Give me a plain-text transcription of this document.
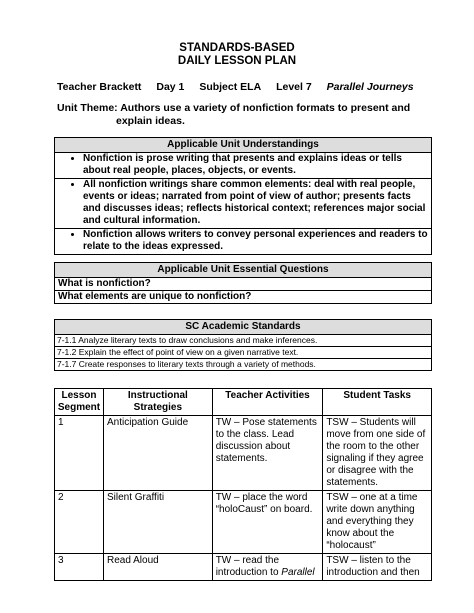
STANDARDS-BASED
DAILY LESSON PLAN
Teacher Brackett Day 1 Subject ELA Level 7 Parallel Journeys
Unit Theme: Authors use a variety of nonfiction formats to present and
explain ideas.
Applicable Unit Understandings

• Nonfiction is prose writing that presents and explains ideas or tells about real people, places, objects, or events.

• All nonfiction writings share common elements: deal with real people, events or ideas; narrated from point of view of author; presents facts and discusses ideas; reflects historical context; references major social and cultural information.

• Nonfiction allows writers to convey personal experiences and readers to relate to the ideas expressed.
Applicable Unit Essential Questions
What is nonfiction?
What elements are unique to nonfiction?
SC Academic Standards
7-1.1 Analyze literary texts to draw conclusions and make inferences.
7-1.2 Explain the effect of point of view on a given narrative text.
7-1.7 Create responses to literary texts through a variety of methods.
Lesson Segment	Instructional Strategies	Teacher Activities	Student Tasks
1	Anticipation Guide	TW – Pose statements to the class. Lead discussion about statements.	TSW – Students will move from one side of the room to the other signaling if they agree or disagree with the statements.
2	Silent Graffiti	TW – place the word “holoCaust” on board.	TSW – one at a time write down anything and everything they know about the “holocaust”
3	Read Aloud	TW – read the introduction to Parallel	TSW – listen to the introduction and then
